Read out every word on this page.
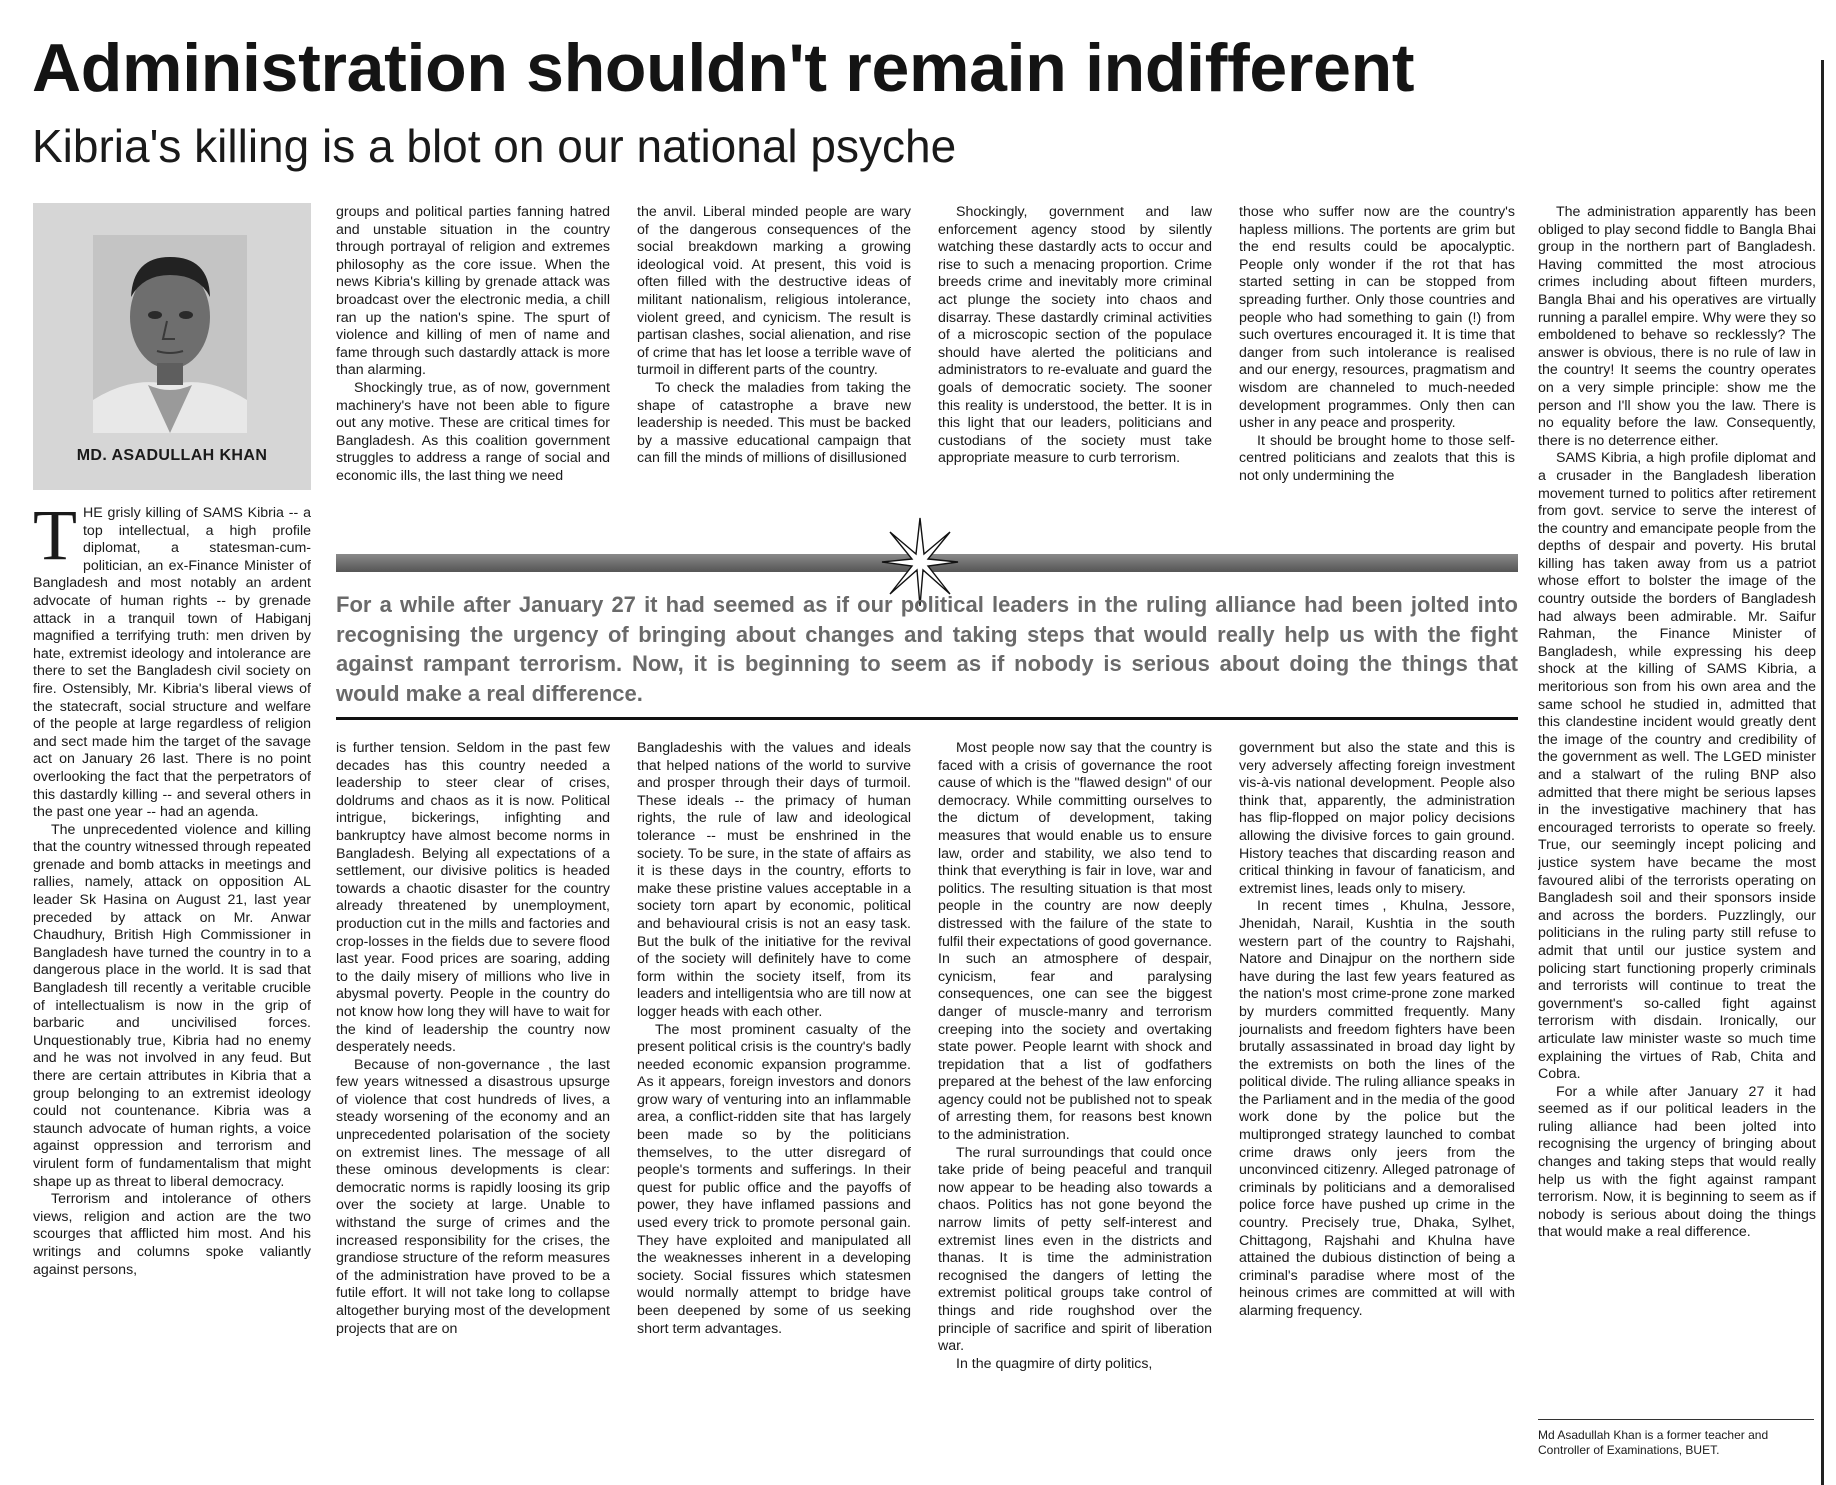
Administration shouldn't remain indifferent
Kibria's killing is a blot on our national psyche
MD. ASADULLAH KHAN

THE grisly killing of SAMS Kibria -- a top intellectual, a high profile diplomat, a statesman-cum-politician, an ex-Finance Minister of Bangladesh and most notably an ardent advocate of human rights -- by grenade attack in a tranquil town of Habiganj magnified a terrifying truth: men driven by hate, extremist ideology and intolerance are there to set the Bangladesh civil society on fire. Ostensibly, Mr. Kibria's liberal views of the statecraft, social structure and welfare of the people at large regardless of religion and sect made him the target of the savage act on January 26 last. There is no point overlooking the fact that the perpetrators of this dastardly killing -- and several others in the past one year -- had an agenda.

The unprecedented violence and killing that the country witnessed through repeated grenade and bomb attacks in meetings and rallies, namely, attack on opposition AL leader Sk Hasina on August 21, last year preceded by attack on Mr. Anwar Chaudhury, British High Commissioner in Bangladesh have turned the country in to a dangerous place in the world. It is sad that Bangladesh till recently a veritable crucible of intellectualism is now in the grip of barbaric and uncivilised forces. Unquestionably true, Kibria had no enemy and he was not involved in any feud. But there are certain attributes in Kibria that a group belonging to an extremist ideology could not countenance. Kibria was a staunch advocate of human rights, a voice against oppression and terrorism and virulent form of fundamentalism that might shape up as threat to liberal democracy.

Terrorism and intolerance of others views, religion and action are the two scourges that afflicted him most. And his writings and columns spoke valiantly against persons,

groups and political parties fanning hatred and unstable situation in the country through portrayal of religion and extremes philosophy as the core issue. When the news Kibria's killing by grenade attack was broadcast over the electronic media, a chill ran up the nation's spine. The spurt of violence and killing of men of name and fame through such dastardly attack is more than alarming.

Shockingly true, as of now, government machinery's have not been able to figure out any motive. These are critical times for Bangladesh. As this coalition government struggles to address a range of social and economic ills, the last thing we need

the anvil. Liberal minded people are wary of the dangerous consequences of the social breakdown marking a growing ideological void. At present, this void is often filled with the destructive ideas of militant nationalism, religious intolerance, violent greed, and cynicism. The result is partisan clashes, social alienation, and rise of crime that has let loose a terrible wave of turmoil in different parts of the country.

To check the maladies from taking the shape of catastrophe a brave new leadership is needed. This must be backed by a massive educational campaign that can fill the minds of millions of disillusioned

Shockingly, government and law enforcement agency stood by silently watching these dastardly acts to occur and rise to such a menacing proportion. Crime breeds crime and inevitably more criminal act plunge the society into chaos and disarray. These dastardly criminal activities of a microscopic section of the populace should have alerted the politicians and administrators to re-evaluate and guard the goals of democratic society. The sooner this reality is understood, the better. It is in this light that our leaders, politicians and custodians of the society must take appropriate measure to curb terrorism.

those who suffer now are the country's hapless millions. The portents are grim but the end results could be apocalyptic. People only wonder if the rot that has started setting in can be stopped from spreading further. Only those countries and people who had something to gain (!) from such overtures encouraged it. It is time that danger from such intolerance is realised and our energy, resources, pragmatism and wisdom are channeled to much-needed development programmes. Only then can usher in any peace and prosperity.

It should be brought home to those self-centred politicians and zealots that this is not only undermining the

For a while after January 27 it had seemed as if our political leaders in the ruling alliance had been jolted into recognising the urgency of bringing about changes and taking steps that would really help us with the fight against rampant terrorism. Now, it is beginning to seem as if nobody is serious about doing the things that would make a real difference.

is further tension. Seldom in the past few decades has this country needed a leadership to steer clear of crises, doldrums and chaos as it is now. Political intrigue, bickerings, infighting and bankruptcy have almost become norms in Bangladesh. Belying all expectations of a settlement, our divisive politics is headed towards a chaotic disaster for the country already threatened by unemployment, production cut in the mills and factories and crop-losses in the fields due to severe flood last year. Food prices are soaring, adding to the daily misery of millions who live in abysmal poverty. People in the country do not know how long they will have to wait for the kind of leadership the country now desperately needs.

Because of non-governance , the last few years witnessed a disastrous upsurge of violence that cost hundreds of lives, a steady worsening of the economy and an unprecedented polarisation of the society on extremist lines. The message of all these ominous developments is clear: democratic norms is rapidly loosing its grip over the society at large. Unable to withstand the surge of crimes and the increased responsibility for the crises, the grandiose structure of the reform measures of the administration have proved to be a futile effort. It will not take long to collapse altogether burying most of the development projects that are on

Bangladeshis with the values and ideals that helped nations of the world to survive and prosper through their days of turmoil. These ideals -- the primacy of human rights, the rule of law and ideological tolerance -- must be enshrined in the society. To be sure, in the state of affairs as it is these days in the country, efforts to make these pristine values acceptable in a society torn apart by economic, political and behavioural crisis is not an easy task. But the bulk of the initiative for the revival of the society will definitely have to come form within the society itself, from its leaders and intelligentsia who are till now at logger heads with each other.

The most prominent casualty of the present political crisis is the country's badly needed economic expansion programme. As it appears, foreign investors and donors grow wary of venturing into an inflammable area, a conflict-ridden site that has largely been made so by the politicians themselves, to the utter disregard of people's torments and sufferings. In their quest for public office and the payoffs of power, they have inflamed passions and used every trick to promote personal gain. They have exploited and manipulated all the weaknesses inherent in a developing society. Social fissures which statesmen would normally attempt to bridge have been deepened by some of us seeking short term advantages.

Most people now say that the country is faced with a crisis of governance the root cause of which is the "flawed design" of our democracy. While committing ourselves to the dictum of development, taking measures that would enable us to ensure law, order and stability, we also tend to think that everything is fair in love, war and politics. The resulting situation is that most people in the country are now deeply distressed with the failure of the state to fulfil their expectations of good governance. In such an atmosphere of despair, cynicism, fear and paralysing consequences, one can see the biggest danger of muscle-manry and terrorism creeping into the society and overtaking state power. People learnt with shock and trepidation that a list of godfathers prepared at the behest of the law enforcing agency could not be published not to speak of arresting them, for reasons best known to the administration.

The rural surroundings that could once take pride of being peaceful and tranquil now appear to be heading also towards a chaos. Politics has not gone beyond the narrow limits of petty self-interest and extremist lines even in the districts and thanas. It is time the administration recognised the dangers of letting the extremist political groups take control of things and ride roughshod over the principle of sacrifice and spirit of liberation war.

In the quagmire of dirty politics,

government but also the state and this is very adversely affecting foreign investment vis-à-vis national development. People also think that, apparently, the administration has flip-flopped on major policy decisions allowing the divisive forces to gain ground. History teaches that discarding reason and critical thinking in favour of fanaticism, and extremist lines, leads only to misery.

In recent times , Khulna, Jessore, Jhenidah, Narail, Kushtia in the south western part of the country to Rajshahi, Natore and Dinajpur on the northern side have during the last few years featured as the nation's most crime-prone zone marked by murders committed frequently. Many journalists and freedom fighters have been brutally assassinated in broad day light by the extremists on both the lines of the political divide. The ruling alliance speaks in the Parliament and in the media of the good work done by the police but the multipronged strategy launched to combat crime draws only jeers from the unconvinced citizenry. Alleged patronage of criminals by politicians and a demoralised police force have pushed up crime in the country. Precisely true, Dhaka, Sylhet, Chittagong, Rajshahi and Khulna have attained the dubious distinction of being a criminal's paradise where most of the heinous crimes are committed at will with alarming frequency.

The administration apparently has been obliged to play second fiddle to Bangla Bhai group in the northern part of Bangladesh. Having committed the most atrocious crimes including about fifteen murders, Bangla Bhai and his operatives are virtually running a parallel empire. Why were they so emboldened to behave so recklessly? The answer is obvious, there is no rule of law in the country! It seems the country operates on a very simple principle: show me the person and I'll show you the law. There is no equality before the law. Consequently, there is no deterrence either.

SAMS Kibria, a high profile diplomat and a crusader in the Bangladesh liberation movement turned to politics after retirement from govt. service to serve the interest of the country and emancipate people from the depths of despair and poverty. His brutal killing has taken away from us a patriot whose effort to bolster the image of the country outside the borders of Bangladesh had always been admirable. Mr. Saifur Rahman, the Finance Minister of Bangladesh, while expressing his deep shock at the killing of SAMS Kibria, a meritorious son from his own area and the same school he studied in, admitted that this clandestine incident would greatly dent the image of the country and credibility of the government as well. The LGED minister and a stalwart of the ruling BNP also admitted that there might be serious lapses in the investigative machinery that has encouraged terrorists to operate so freely. True, our seemingly incept policing and justice system have became the most favoured alibi of the terrorists operating on Bangladesh soil and their sponsors inside and across the borders. Puzzlingly, our politicians in the ruling party still refuse to admit that until our justice system and policing start functioning properly criminals and terrorists will continue to treat the government's so-called fight against terrorism with disdain. Ironically, our articulate law minister waste so much time explaining the virtues of Rab, Chita and Cobra.

For a while after January 27 it had seemed as if our political leaders in the ruling alliance had been jolted into recognising the urgency of bringing about changes and taking steps that would really help us with the fight against rampant terrorism. Now, it is beginning to seem as if nobody is serious about doing the things that would make a real difference.

Md Asadullah Khan is a former teacher and Controller of Examinations, BUET.
